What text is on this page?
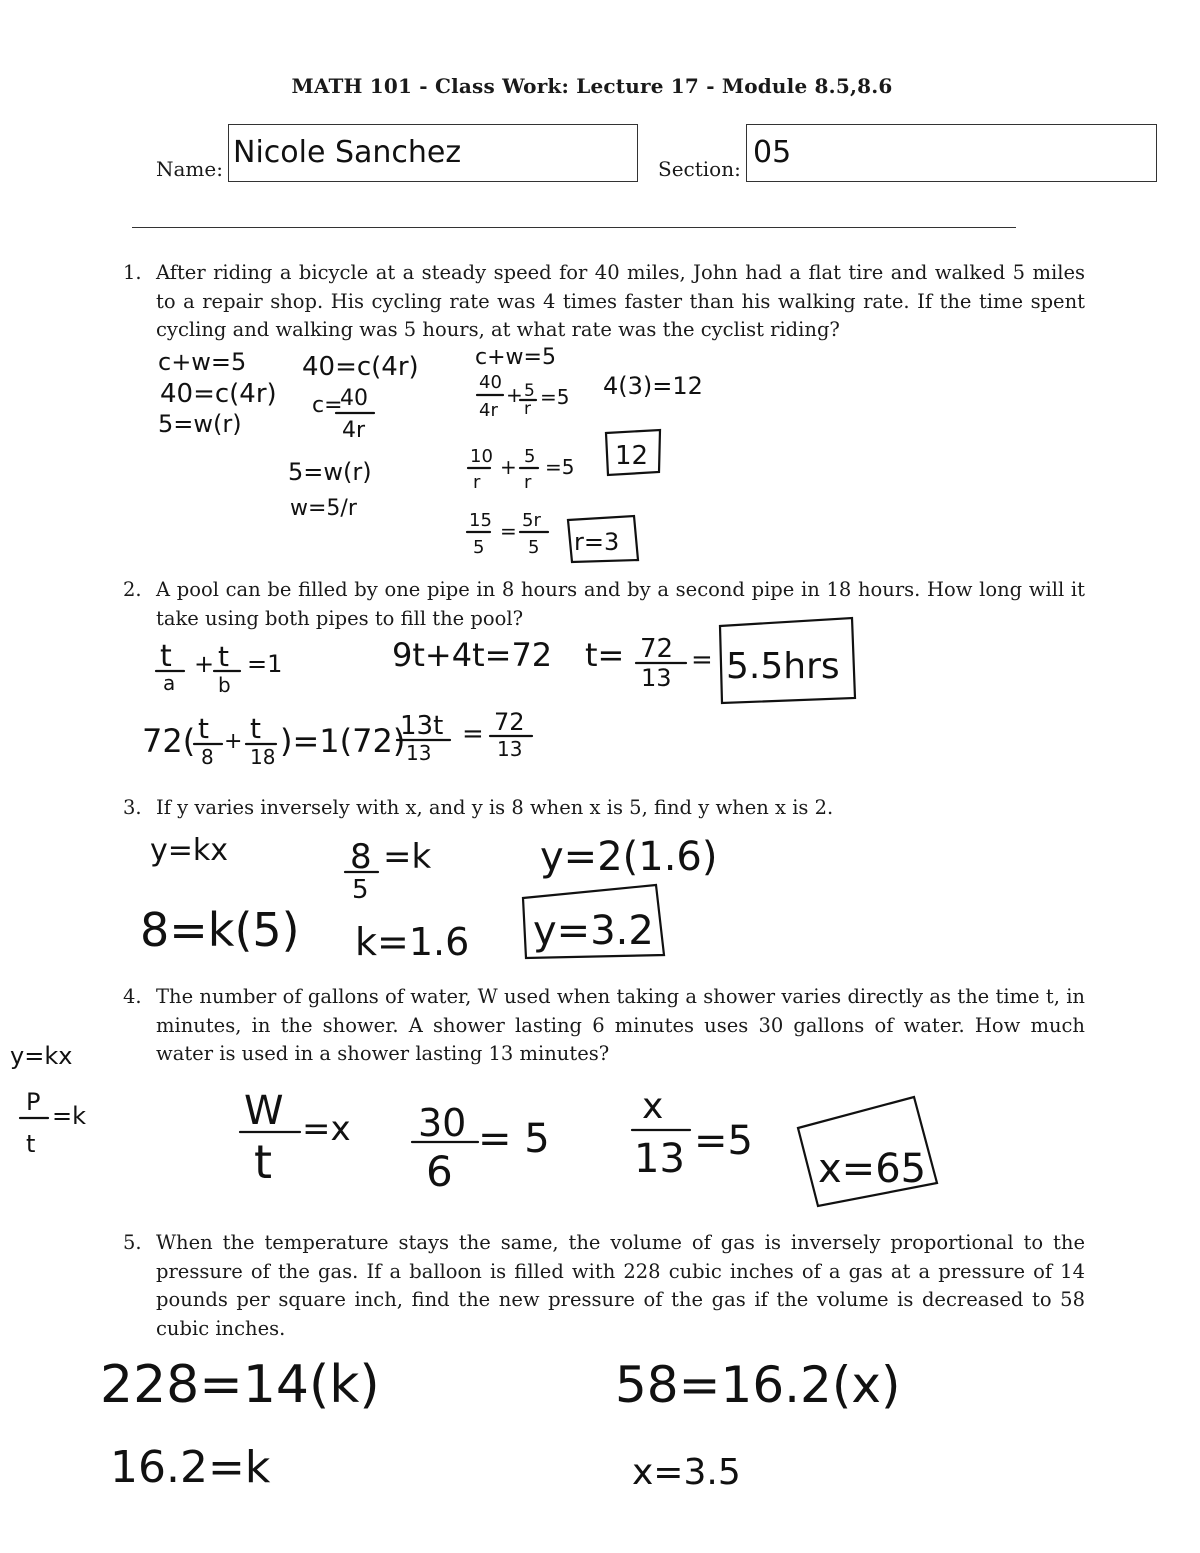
MATH 101 - Class Work: Lecture 17 - Module 8.5,8.6
Name: Nicole Sanchez	Section: 05
1. After riding a bicycle at a steady speed for 40 miles, John had a flat tire and walked 5 miles to a repair shop. His cycling rate was 4 times faster than his walking rate. If the time spent cycling and walking was 5 hours, at what rate was the cyclist riding?
2. A pool can be filled by one pipe in 8 hours and by a second pipe in 18 hours. How long will it take using both pipes to fill the pool?
3. If y varies inversely with x, and y is 8 when x is 5, find y when x is 2.
4. The number of gallons of water, W used when taking a shower varies directly as the time t, in minutes, in the shower. A shower lasting 6 minutes uses 30 gallons of water. How much water is used in a shower lasting 13 minutes?
5. When the temperature stays the same, the volume of gas is inversely proportional to the pressure of the gas. If a balloon is filled with 228 cubic inches of a gas at a pressure of 14 pounds per square inch, find the new pressure of the gas if the volume is decreased to 58 cubic inches.
c+w=5
40=c(4r)
5=w(r)
40=c(4r)
c=
40
4r
5=w(r)
w=5/r
c+w=5
40
4r
+ 5
r =5
10
r
+ 5
r
=5
15
5
= 5r
5
4(3)=12
12
r=3
t
a
+ t
b
=1
72( t
8
+ t
18 )=1(72)
9t+4t=72
13t
13
= 72
13
t= 72
13
= 5.5hrs
y=kx
8=k(5)
8
5
=k
k=1.6
y=2(1.6)
y=3.2
y=kx
P
t
=k	W
t
=x 30
6
= 5
x
13 =5
x=65
228=14(k)
16.2=k
58=16.2(x)
x=3.5
